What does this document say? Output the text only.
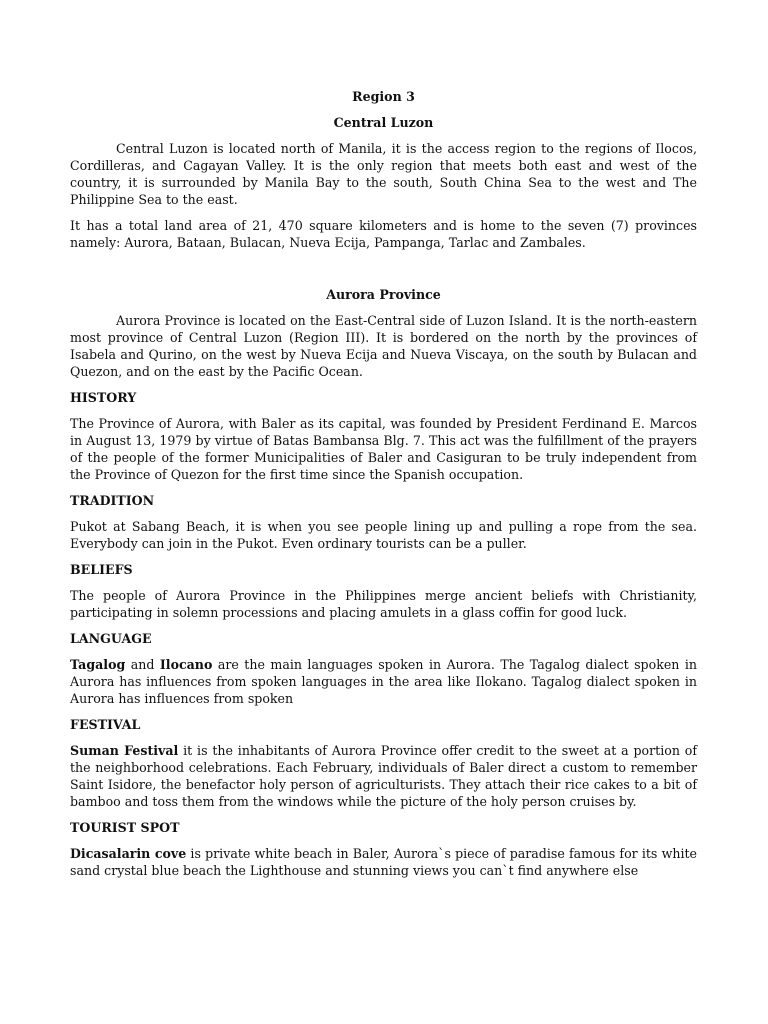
Region 3
Central Luzon

Central Luzon is located north of Manila, it is the access region to the regions of Ilocos, Cordilleras, and Cagayan Valley. It is the only region that meets both east and west of the country, it is surrounded by Manila Bay to the south, South China Sea to the west and The Philippine Sea to the east.

It has a total land area of 21, 470 square kilometers and is home to the seven (7) provinces namely: Aurora, Bataan, Bulacan, Nueva Ecija, Pampanga, Tarlac and Zambales.

Aurora Province

Aurora Province is located on the East-Central side of Luzon Island. It is the north-eastern most province of Central Luzon (Region III). It is bordered on the north by the provinces of Isabela and Qurino, on the west by Nueva Ecija and Nueva Viscaya, on the south by Bulacan and Quezon, and on the east by the Pacific Ocean.

HISTORY

The Province of Aurora, with Baler as its capital, was founded by President Ferdinand E. Marcos in August 13, 1979 by virtue of Batas Bambansa Blg. 7. This act was the fulfillment of the prayers of the people of the former Municipalities of Baler and Casiguran to be truly independent from the Province of Quezon for the first time since the Spanish occupation.

TRADITION

Pukot at Sabang Beach, it is when you see people lining up and pulling a rope from the sea. Everybody can join in the Pukot. Even ordinary tourists can be a puller.

BELIEFS

The people of Aurora Province in the Philippines merge ancient beliefs with Christianity, participating in solemn processions and placing amulets in a glass coffin for good luck.

LANGUAGE

Tagalog and Ilocano are the main languages spoken in Aurora. The Tagalog dialect spoken in Aurora has influences from spoken languages in the area like Ilokano. Tagalog dialect spoken in Aurora has influences from spoken

FESTIVAL

Suman Festival it is the inhabitants of Aurora Province offer credit to the sweet at a portion of the neighborhood celebrations. Each February, individuals of Baler direct a custom to remember Saint Isidore, the benefactor holy person of agriculturists. They attach their rice cakes to a bit of bamboo and toss them from the windows while the picture of the holy person cruises by.

TOURIST SPOT

Dicasalarin cove is private white beach in Baler, Aurora`s piece of paradise famous for its white sand crystal blue beach the Lighthouse and stunning views you can`t find anywhere else
